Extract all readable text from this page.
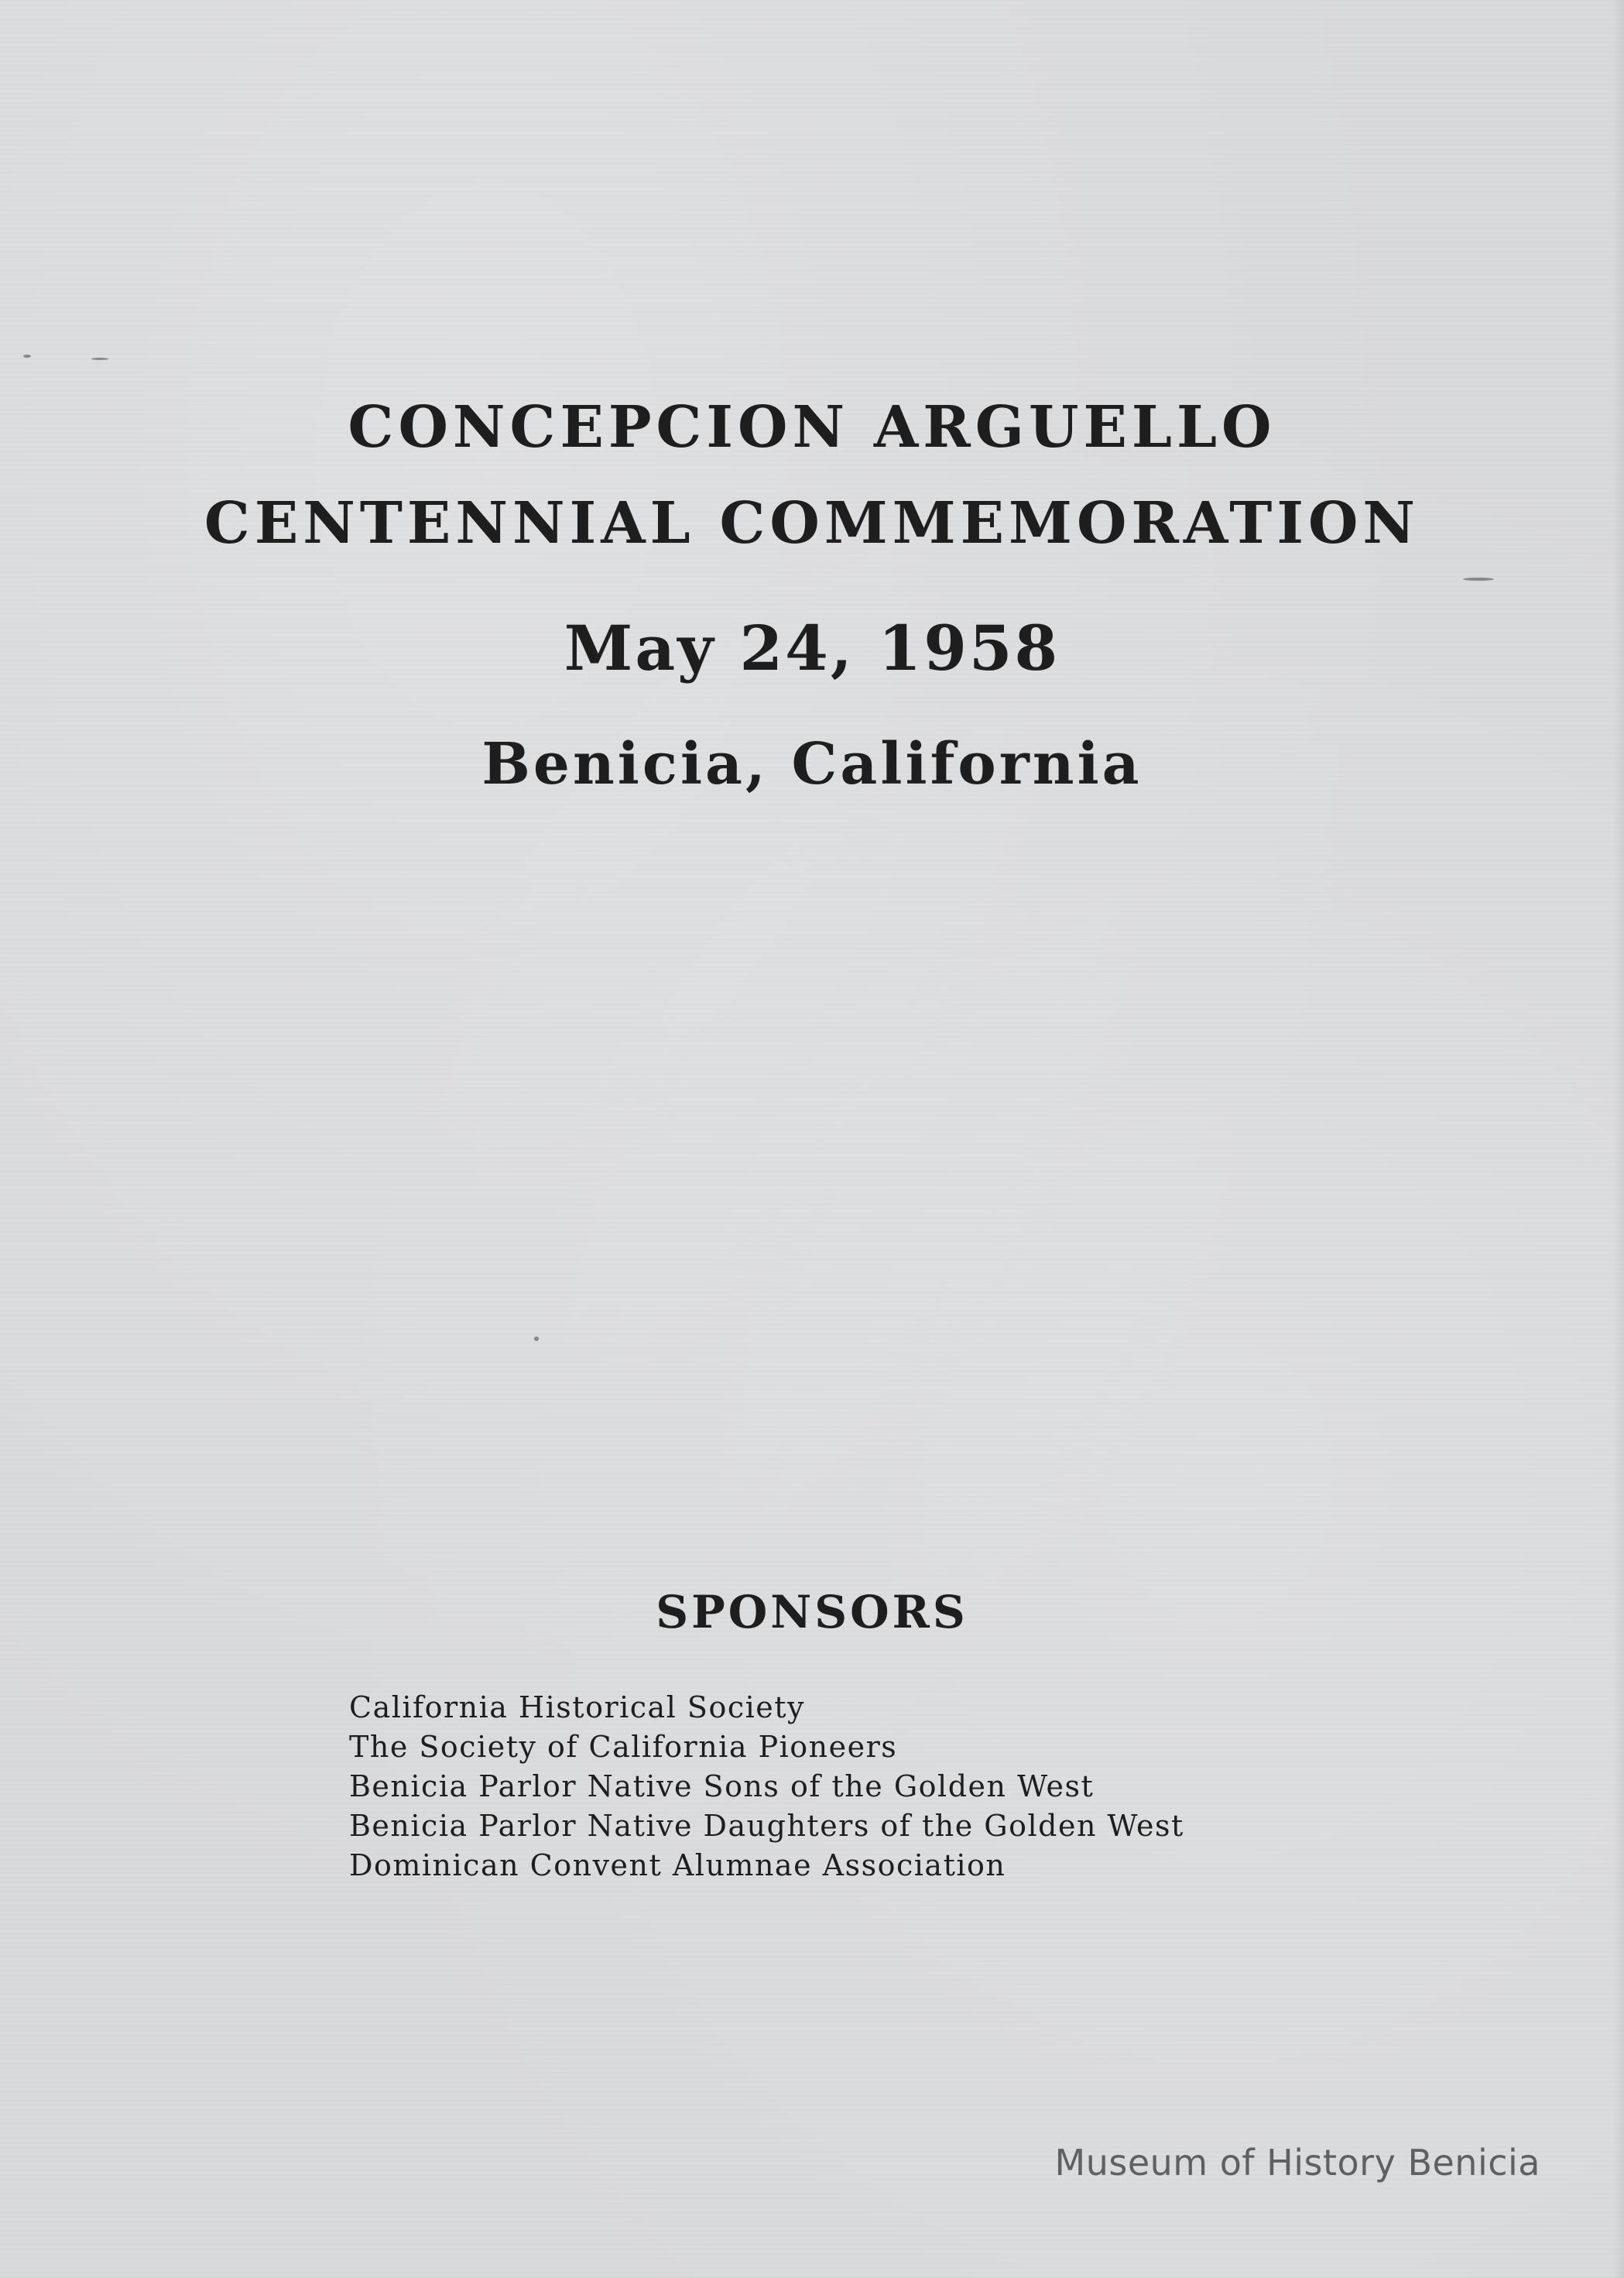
CONCEPCION ARGUELLO
CENTENNIAL COMMEMORATION
May 24, 1958
Benicia, California
SPONSORS
California Historical Society
The Society of California Pioneers
Benicia Parlor Native Sons of the Golden West
Benicia Parlor Native Daughters of the Golden West
Dominican Convent Alumnae Association
Museum of History Benicia
